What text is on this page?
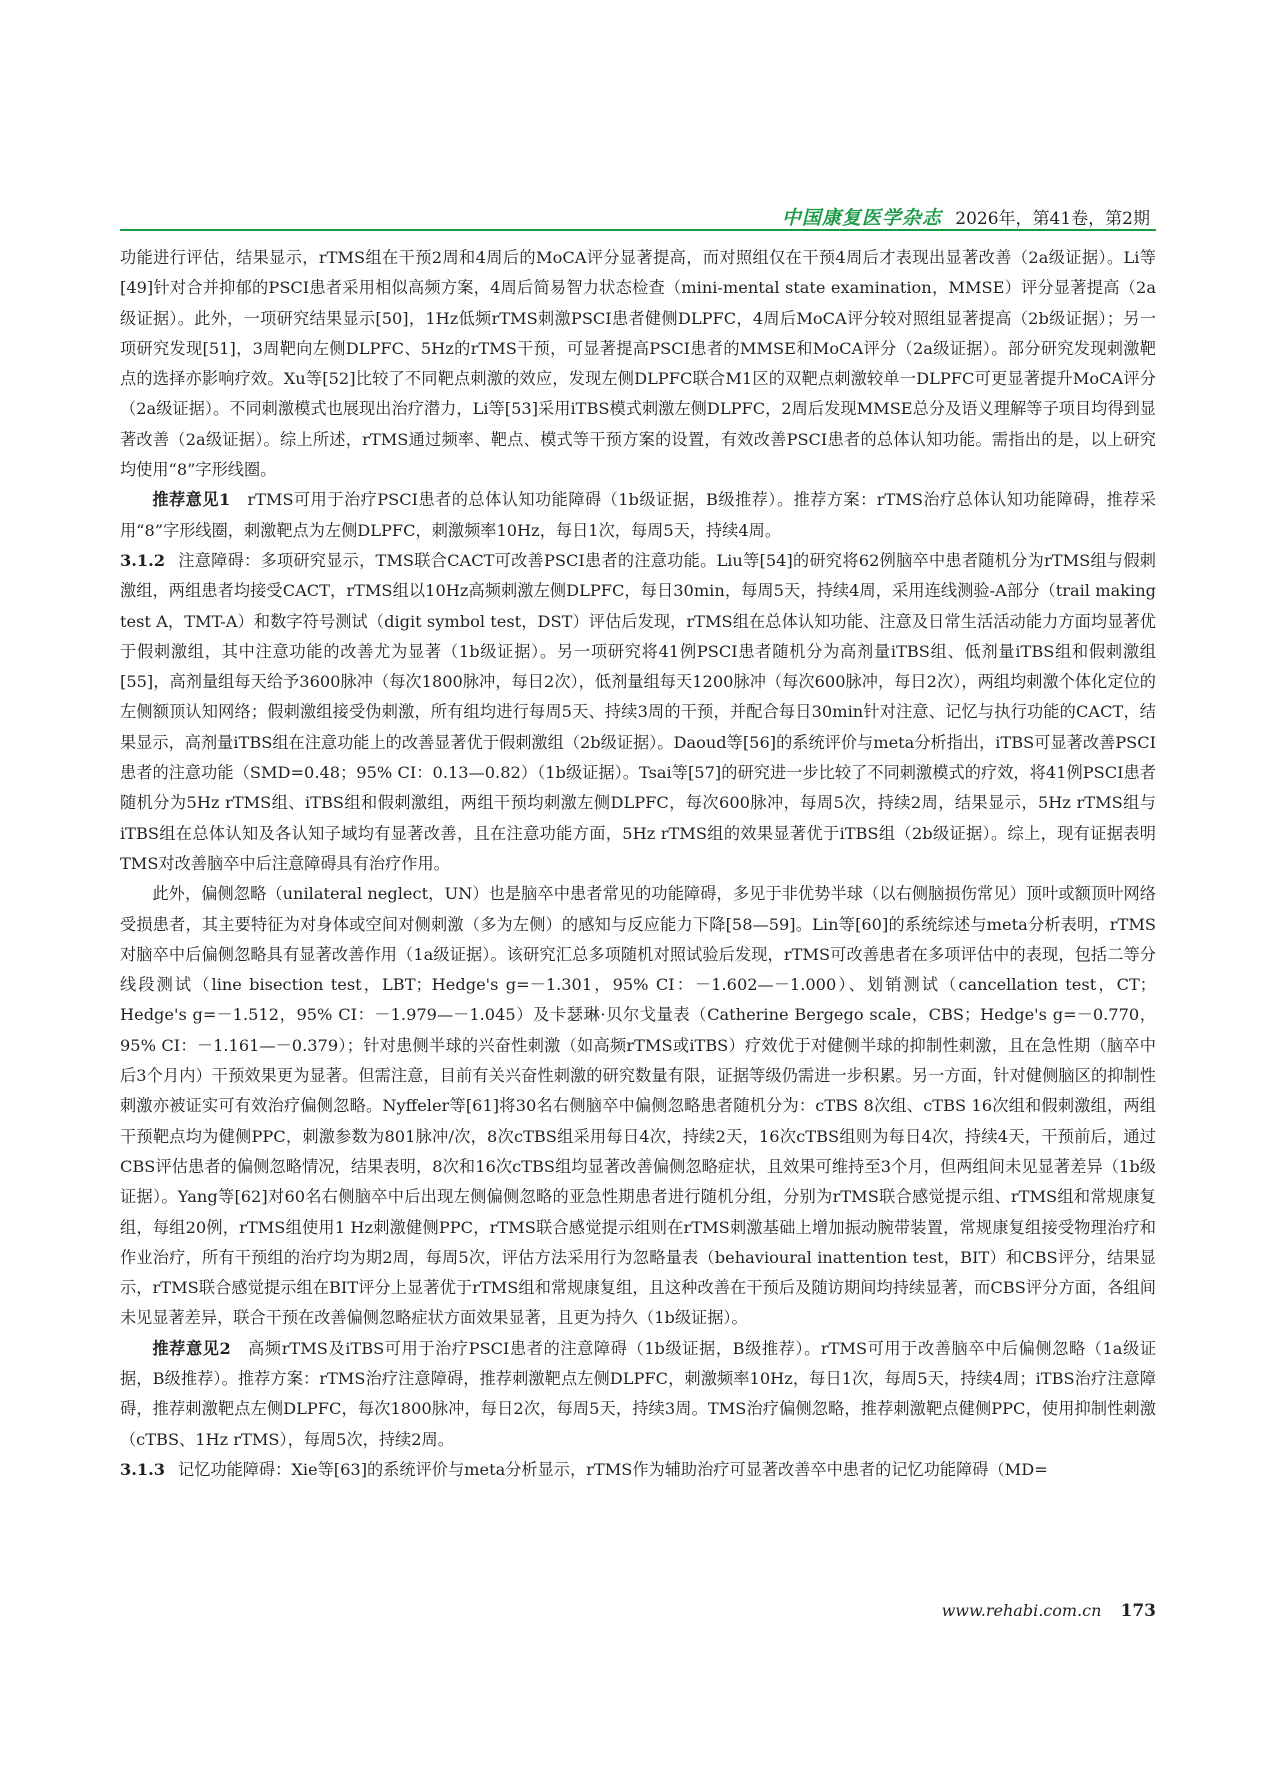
中国康复医学杂志 2026年，第41卷，第2期

功能进行评估，结果显示，rTMS组在干预2周和4周后的MoCA评分显著提高，而对照组仅在干预4周后才表现出显著改善（2a级证据）。Li等[49]针对合并抑郁的PSCI患者采用相似高频方案，4周后简易智力状态检查（mini-mental state examination，MMSE）评分显著提高（2a级证据）。此外，一项研究结果显示[50]，1Hz低频rTMS刺激PSCI患者健侧DLPFC，4周后MoCA评分较对照组显著提高（2b级证据）；另一项研究发现[51]，3周靶向左侧DLPFC、5Hz的rTMS干预，可显著提高PSCI患者的MMSE和MoCA评分（2a级证据）。部分研究发现刺激靶点的选择亦影响疗效。Xu等[52]比较了不同靶点刺激的效应，发现左侧DLPFC联合M1区的双靶点刺激较单一DLPFC可更显著提升MoCA评分（2a级证据）。不同刺激模式也展现出治疗潜力，Li等[53]采用iTBS模式刺激左侧DLPFC，2周后发现MMSE总分及语义理解等子项目均得到显著改善（2a级证据）。综上所述，rTMS通过频率、靶点、模式等干预方案的设置，有效改善PSCI患者的总体认知功能。需指出的是，以上研究均使用“8”字形线圈。

推荐意见1　 rTMS可用于治疗PSCI患者的总体认知功能障碍（1b级证据，B级推荐）。推荐方案：rTMS治疗总体认知功能障碍，推荐采用“8”字形线圈，刺激靶点为左侧DLPFC，刺激频率10Hz，每日1次，每周5天，持续4周。

3.1.2 注意障碍：多项研究显示，TMS联合CACT可改善PSCI患者的注意功能。Liu等[54]的研究将62例脑卒中患者随机分为rTMS组与假刺激组，两组患者均接受CACT，rTMS组以10Hz高频刺激左侧DLPFC，每日30min，每周5天，持续4周，采用连线测验-A部分（trail making test A，TMT-A）和数字符号测试（digit symbol test，DST）评估后发现，rTMS组在总体认知功能、注意及日常生活活动能力方面均显著优于假刺激组，其中注意功能的改善尤为显著（1b级证据）。另一项研究将41例PSCI患者随机分为高剂量iTBS组、低剂量iTBS组和假刺激组[55]，高剂量组每天给予3600脉冲（每次1800脉冲，每日2次），低剂量组每天1200脉冲（每次600脉冲，每日2次），两组均刺激个体化定位的左侧额顶认知网络；假刺激组接受伪刺激，所有组均进行每周5天、持续3周的干预，并配合每日30min针对注意、记忆与执行功能的CACT，结果显示，高剂量iTBS组在注意功能上的改善显著优于假刺激组（2b级证据）。Daoud等[56]的系统评价与meta分析指出，iTBS可显著改善PSCI患者的注意功能（SMD=0.48；95% CI：0.13—0.82）（1b级证据）。Tsai等[57]的研究进一步比较了不同刺激模式的疗效，将41例PSCI患者随机分为5Hz rTMS组、iTBS组和假刺激组，两组干预均刺激左侧DLPFC，每次600脉冲，每周5次，持续2周，结果显示，5Hz rTMS组与iTBS组在总体认知及各认知子域均有显著改善，且在注意功能方面，5Hz rTMS组的效果显著优于iTBS组（2b级证据）。综上，现有证据表明TMS对改善脑卒中后注意障碍具有治疗作用。

此外，偏侧忽略（unilateral neglect，UN）也是脑卒中患者常见的功能障碍，多见于非优势半球（以右侧脑损伤常见）顶叶或额顶叶网络受损患者，其主要特征为对身体或空间对侧刺激（多为左侧）的感知与反应能力下降[58—59]。Lin等[60]的系统综述与meta分析表明，rTMS对脑卒中后偏侧忽略具有显著改善作用（1a级证据）。该研究汇总多项随机对照试验后发现，rTMS可改善患者在多项评估中的表现，包括二等分线段测试（line bisection test，LBT；Hedge's g=－1.301，95% CI：－1.602—－1.000）、划销测试（cancellation test，CT；Hedge's g=－1.512，95% CI：－1.979—－1.045）及卡瑟琳·贝尔戈量表（Catherine Bergego scale，CBS；Hedge's g=－0.770，95% CI：－1.161—－0.379）；针对患侧半球的兴奋性刺激（如高频rTMS或iTBS）疗效优于对健侧半球的抑制性刺激，且在急性期（脑卒中后3个月内）干预效果更为显著。但需注意，目前有关兴奋性刺激的研究数量有限，证据等级仍需进一步积累。另一方面，针对健侧脑区的抑制性刺激亦被证实可有效治疗偏侧忽略。Nyffeler等[61]将30名右侧脑卒中偏侧忽略患者随机分为：cTBS 8次组、cTBS 16次组和假刺激组，两组干预靶点均为健侧PPC，刺激参数为801脉冲/次，8次cTBS组采用每日4次，持续2天，16次cTBS组则为每日4次，持续4天，干预前后，通过CBS评估患者的偏侧忽略情况，结果表明，8次和16次cTBS组均显著改善偏侧忽略症状，且效果可维持至3个月，但两组间未见显著差异（1b级证据）。Yang等[62]对60名右侧脑卒中后出现左侧偏侧忽略的亚急性期患者进行随机分组，分别为rTMS联合感觉提示组、rTMS组和常规康复组，每组20例，rTMS组使用1 Hz刺激健侧PPC，rTMS联合感觉提示组则在rTMS刺激基础上增加振动腕带装置，常规康复组接受物理治疗和作业治疗，所有干预组的治疗均为期2周，每周5次，评估方法采用行为忽略量表（behavioural inattention test，BIT）和CBS评分，结果显示，rTMS联合感觉提示组在BIT评分上显著优于rTMS组和常规康复组，且这种改善在干预后及随访期间均持续显著，而CBS评分方面，各组间未见显著差异，联合干预在改善偏侧忽略症状方面效果显著，且更为持久（1b级证据）。

推荐意见2　 高频rTMS及iTBS可用于治疗PSCI患者的注意障碍（1b级证据，B级推荐）。rTMS可用于改善脑卒中后偏侧忽略（1a级证据，B级推荐）。推荐方案：rTMS治疗注意障碍，推荐刺激靶点左侧DLPFC，刺激频率10Hz，每日1次，每周5天，持续4周；iTBS治疗注意障碍，推荐刺激靶点左侧DLPFC，每次1800脉冲，每日2次，每周5天，持续3周。TMS治疗偏侧忽略，推荐刺激靶点健侧PPC，使用抑制性刺激（cTBS、1Hz rTMS），每周5次，持续2周。

3.1.3 记忆功能障碍：Xie等[63]的系统评价与meta分析显示，rTMS作为辅助治疗可显著改善卒中患者的记忆功能障碍（MD=

www.rehabi.com.cn 173
